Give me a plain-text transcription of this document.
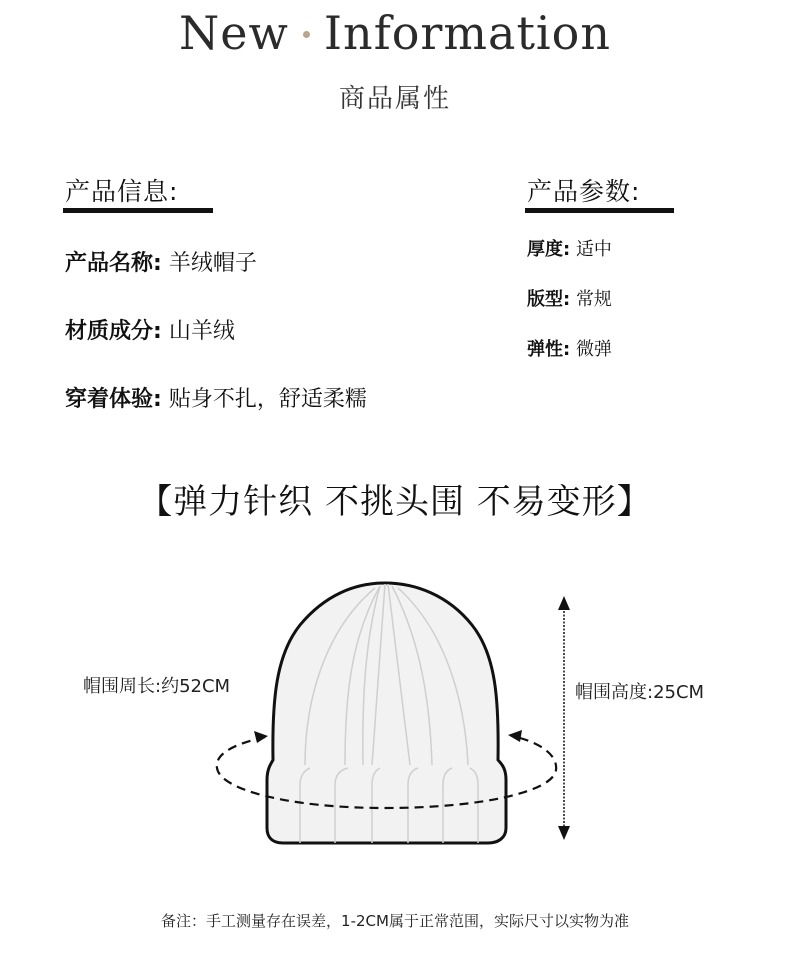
New Information
商品属性
产品信息:
产品名称: 羊绒帽子
材质成分: 山羊绒
穿着体验: 贴身不扎，舒适柔糯
产品参数:
厚度: 适中
版型: 常规
弹性: 微弹
【弹力针织 不挑头围 不易变形】
帽围周长:约52CM	帽围高度:25CM
备注：手工测量存在误差，1-2CM属于正常范围，实际尺寸以实物为准
